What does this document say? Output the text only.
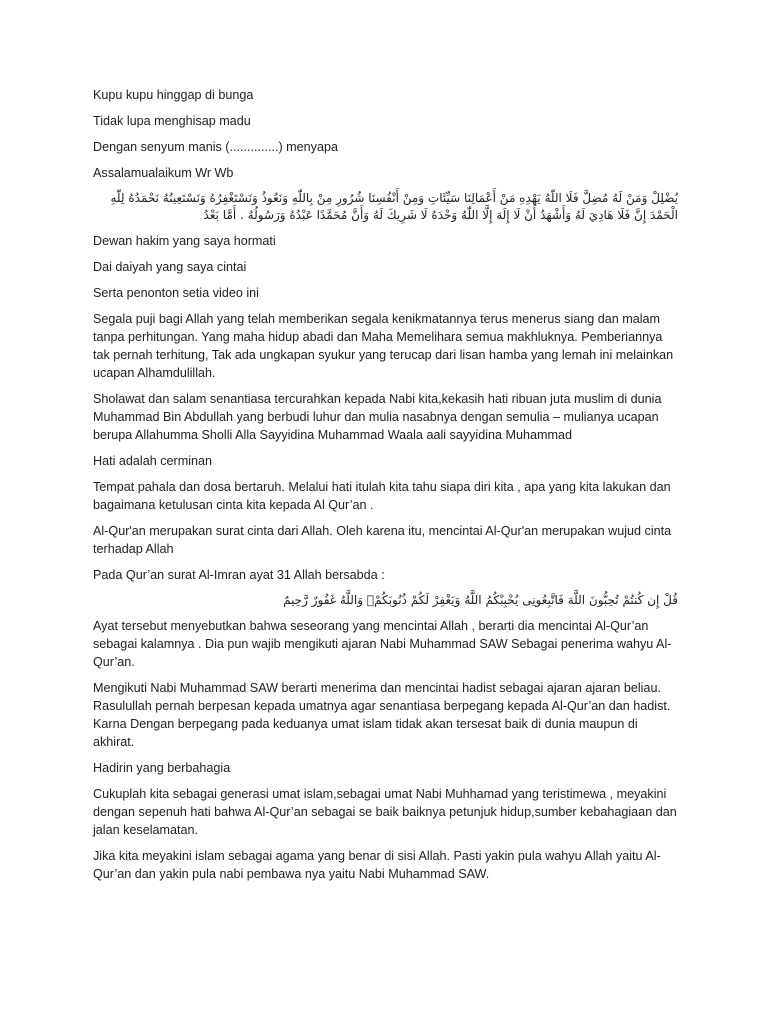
Kupu kupu hinggap di bunga

Tidak lupa menghisap madu

Dengan senyum manis (..............) menyapa

Assalamualaikum Wr Wb

يُضْلِلْ وَمَنْ لَهُ مُضِلَّ فَلَا اللّٰهُ يَهْدِهِ مَنْ أَعْمَالِنَا سَيِّئَاتِ وَمِنْ أَنْفُسِنَا شُرُورِ مِنْ بِاللّٰهِ وَنَعُوذُ وَنَسْتَغْفِرُهُ وَنَسْتَعِينُهُ نَحْمَدُهُ لِلّٰهِ الْحَمْدَ إِنَّ فَلَا هَادِيَ لَهُ وَأَشْهَدُ أَنْ لَا إِلَهَ إِلَّا اللّٰهُ وَحْدَهُ لَا شَرِيكَ لَهُ وَأَنَّ مُحَمَّدًا عَبْدُهُ وَرَسُولُهُ . أَمَّا بَعْدُ

Dewan hakim yang saya hormati

Dai daiyah yang saya cintai

Serta penonton setia video ini

Segala puji bagi Allah yang telah memberikan segala kenikmatannya terus menerus siang dan malam tanpa perhitungan. Yang maha hidup abadi dan Maha Memelihara semua makhluknya. Pemberiannya tak pernah terhitung, Tak ada ungkapan syukur yang terucap dari lisan hamba yang lemah ini melainkan ucapan Alhamdulillah.

Sholawat dan salam senantiasa tercurahkan kepada Nabi kita,kekasih hati ribuan juta muslim di dunia Muhammad Bin Abdullah yang berbudi luhur dan mulia nasabnya dengan semulia – mulianya ucapan berupa Allahumma Sholli Alla Sayyidina Muhammad Waala aali sayyidina Muhammad

Hati adalah cerminan

Tempat pahala dan dosa bertaruh. Melalui hati itulah kita tahu siapa diri kita , apa yang kita lakukan dan bagaimana ketulusan cinta kita kepada Al Qur’an .

Al-Qur'an merupakan surat cinta dari Allah. Oleh karena itu, mencintai Al-Qur'an merupakan wujud cinta terhadap Allah

Pada Qur’an surat Al-Imran ayat 31 Allah bersabda :

قُلْ إِن كُنتُمْ تُحِبُّونَ اللَّهَ فَاتَّبِعُونِى يُحْبِبْكُمُ اللَّهُ وَيَغْفِرْ لَكُمْ ذُنُوبَكُمْۗ وَاللَّهُ غَفُورٌ رَّحِيمٌ

Ayat tersebut menyebutkan bahwa seseorang yang mencintai Allah , berarti dia mencintai Al-Qur’an sebagai kalamnya . Dia pun wajib mengikuti ajaran Nabi Muhammad SAW Sebagai penerima wahyu Al-Qur’an.

Mengikuti Nabi Muhammad SAW berarti menerima dan mencintai hadist sebagai ajaran ajaran beliau. Rasulullah pernah berpesan kepada umatnya agar senantiasa berpegang kepada Al-Qur’an dan hadist. Karna Dengan berpegang pada keduanya umat islam tidak akan tersesat baik di dunia maupun di akhirat.

Hadirin yang berbahagia

Cukuplah kita sebagai generasi umat islam,sebagai umat Nabi Muhhamad yang teristimewa , meyakini dengan sepenuh hati bahwa Al-Qur’an sebagai se baik baiknya petunjuk hidup,sumber kebahagiaan dan jalan keselamatan.

Jika kita meyakini islam sebagai agama yang benar di sisi Allah. Pasti yakin pula wahyu Allah yaitu Al-Qur’an dan yakin pula nabi pembawa nya yaitu Nabi Muhammad SAW.
